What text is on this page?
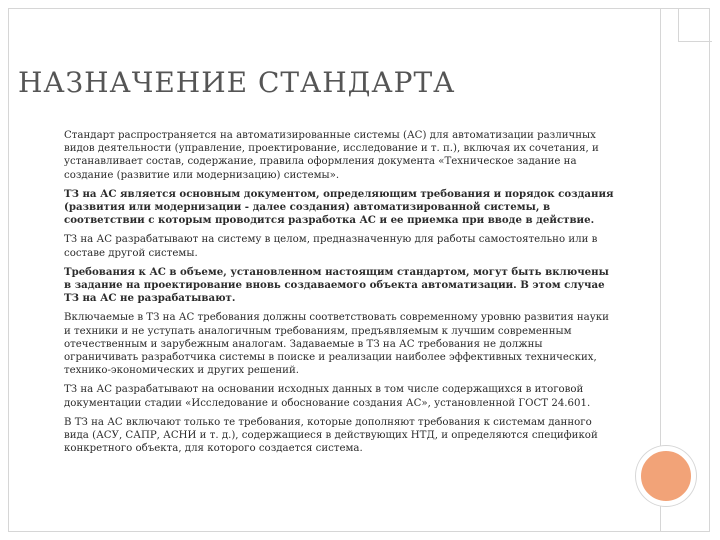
НАЗНАЧЕНИЕ СТАНДАРТА

Стандарт распространяется на автоматизированные системы (АС) для автоматизации различных видов деятельности (управление, проектирование, исследование и т. п.), включая их сочетания, и устанавливает состав, содержание, правила оформления документа «Техническое задание на создание (развитие или модернизацию) системы».

ТЗ на АС является основным документом, определяющим требования и порядок создания (развития или модернизации - далее создания) автоматизированной системы, в соответствии с которым проводится разработка АС и ее приемка при вводе в действие.

ТЗ на АС разрабатывают на систему в целом, предназначенную для работы самостоятельно или в составе другой системы.

Требования к АС в объеме, установленном настоящим стандартом, могут быть включены в задание на проектирование вновь создаваемого объекта автоматизации. В этом случае ТЗ на АС не разрабатывают.

Включаемые в ТЗ на АС требования должны соответствовать современному уровню развития науки и техники и не уступать аналогичным требованиям, предъявляемым к лучшим современным отечественным и зарубежным аналогам. Задаваемые в ТЗ на АС требования не должны ограничивать разработчика системы в поиске и реализации наиболее эффективных технических, технико-экономических и других решений.

ТЗ на АС разрабатывают на основании исходных данных в том числе содержащихся в итоговой документации стадии «Исследование и обоснование создания АС», установленной ГОСТ 24.601.

В ТЗ на АС включают только те требования, которые дополняют требования к системам данного вида (АСУ, САПР, АСНИ и т. д.), содержащиеся в действующих НТД, и определяются спецификой конкретного объекта, для которого создается система.
